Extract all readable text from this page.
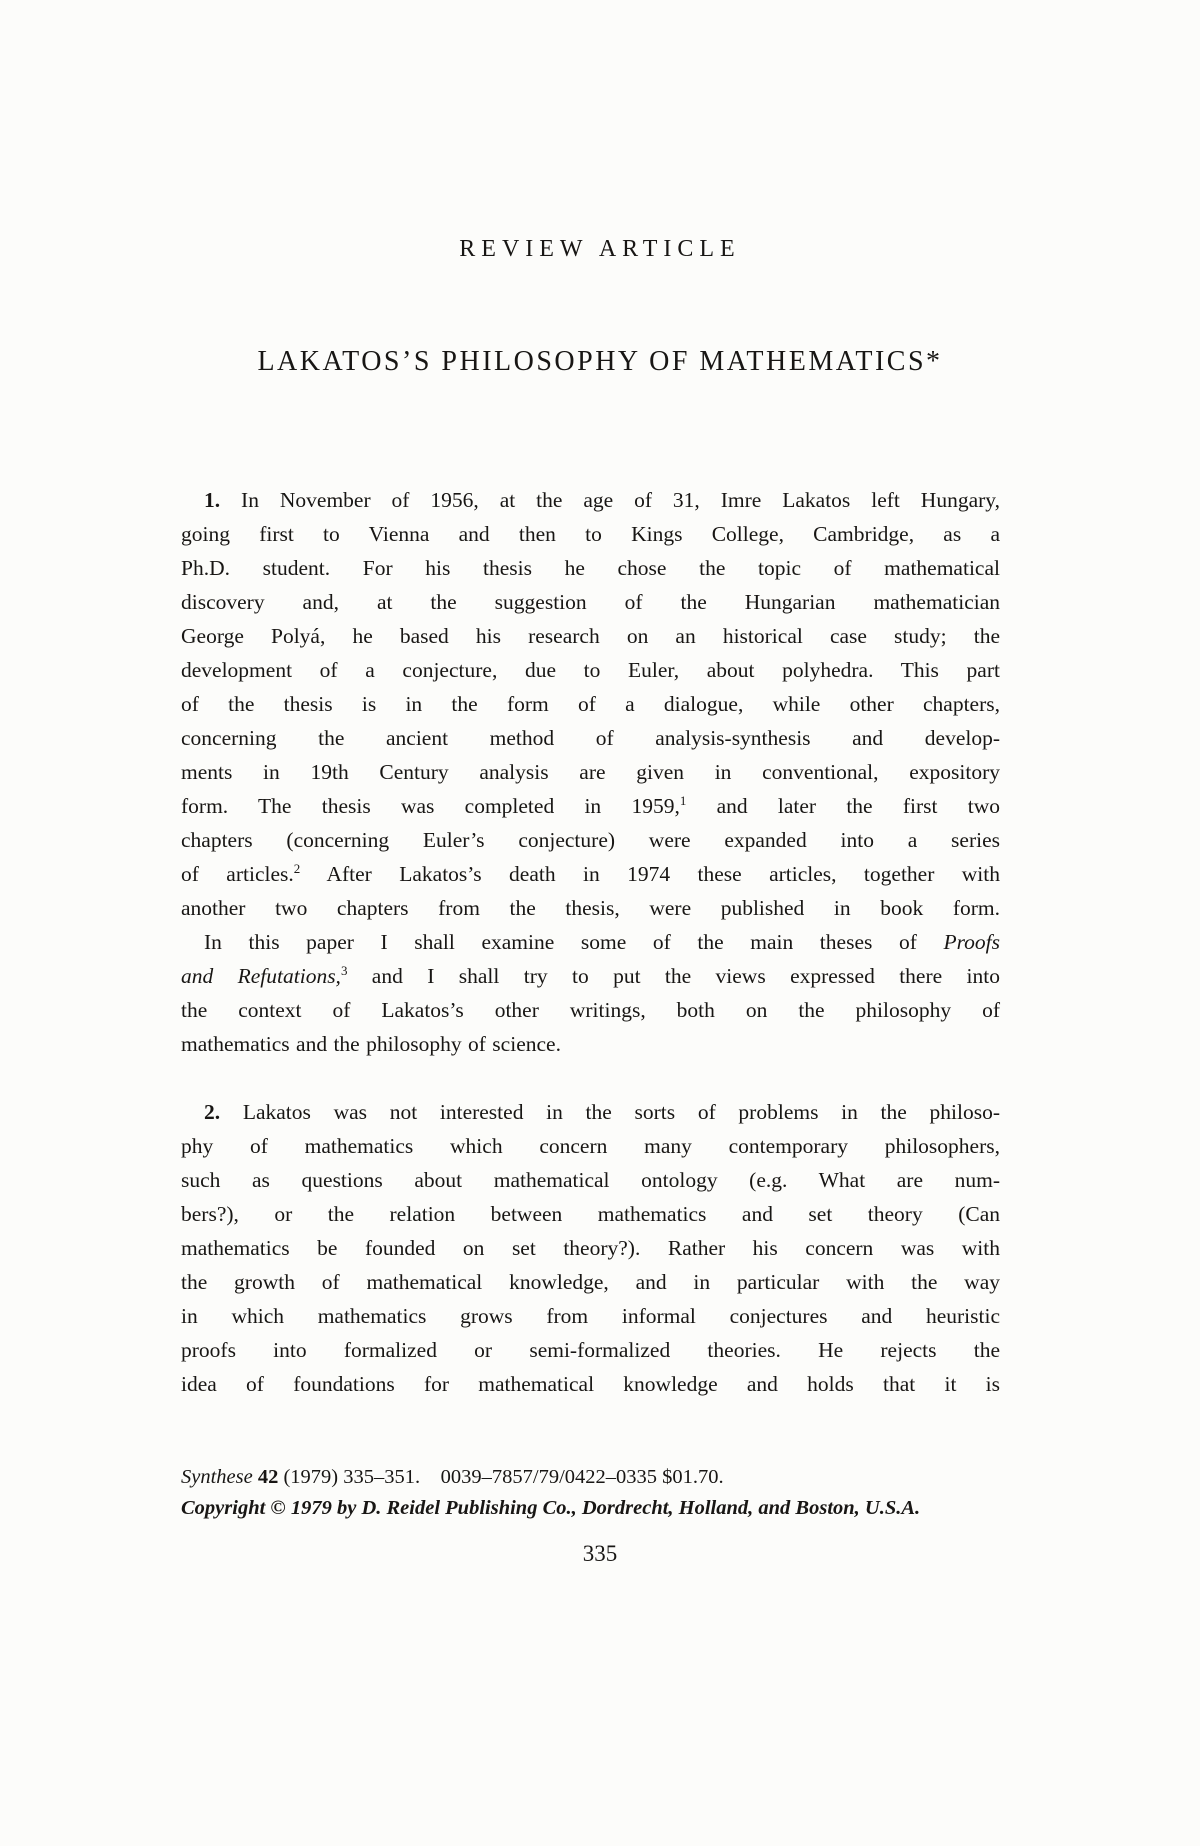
REVIEW ARTICLE
LAKATOS’S PHILOSOPHY OF MATHEMATICS*
1. In November of 1956, at the age of 31, Imre Lakatos left Hungary,
going first to Vienna and then to Kings College, Cambridge, as a
Ph.D. student. For his thesis he chose the topic of mathematical
discovery and, at the suggestion of the Hungarian mathematician
George Polyá, he based his research on an historical case study; the
development of a conjecture, due to Euler, about polyhedra. This part
of the thesis is in the form of a dialogue, while other chapters,
concerning the ancient method of analysis-synthesis and develop-
ments in 19th Century analysis are given in conventional, expository
form. The thesis was completed in 1959,$^1$ and later the first two
chapters (concerning Euler’s conjecture) were expanded into a series
of articles.$^2$ After Lakatos’s death in 1974 these articles, together with
another two chapters from the thesis, were published in book form.
In this paper I shall examine some of the main theses of Proofs
and Refutations,$^3$ and I shall try to put the views expressed there into
the context of Lakatos’s other writings, both on the philosophy of
mathematics and the philosophy of science.
2. Lakatos was not interested in the sorts of problems in the philoso-
phy of mathematics which concern many contemporary philosophers,
such as questions about mathematical ontology (e.g. What are num-
bers?), or the relation between mathematics and set theory (Can
mathematics be founded on set theory?). Rather his concern was with
the growth of mathematical knowledge, and in particular with the way
in which mathematics grows from informal conjectures and heuristic
proofs into formalized or semi-formalized theories. He rejects the
idea of foundations for mathematical knowledge and holds that it is
Synthese 42 (1979) 335–351.  0039–7857/79/0422–0335 $01.70.
Copyright © 1979 by D. Reidel Publishing Co., Dordrecht, Holland, and Boston, U.S.A.
335
